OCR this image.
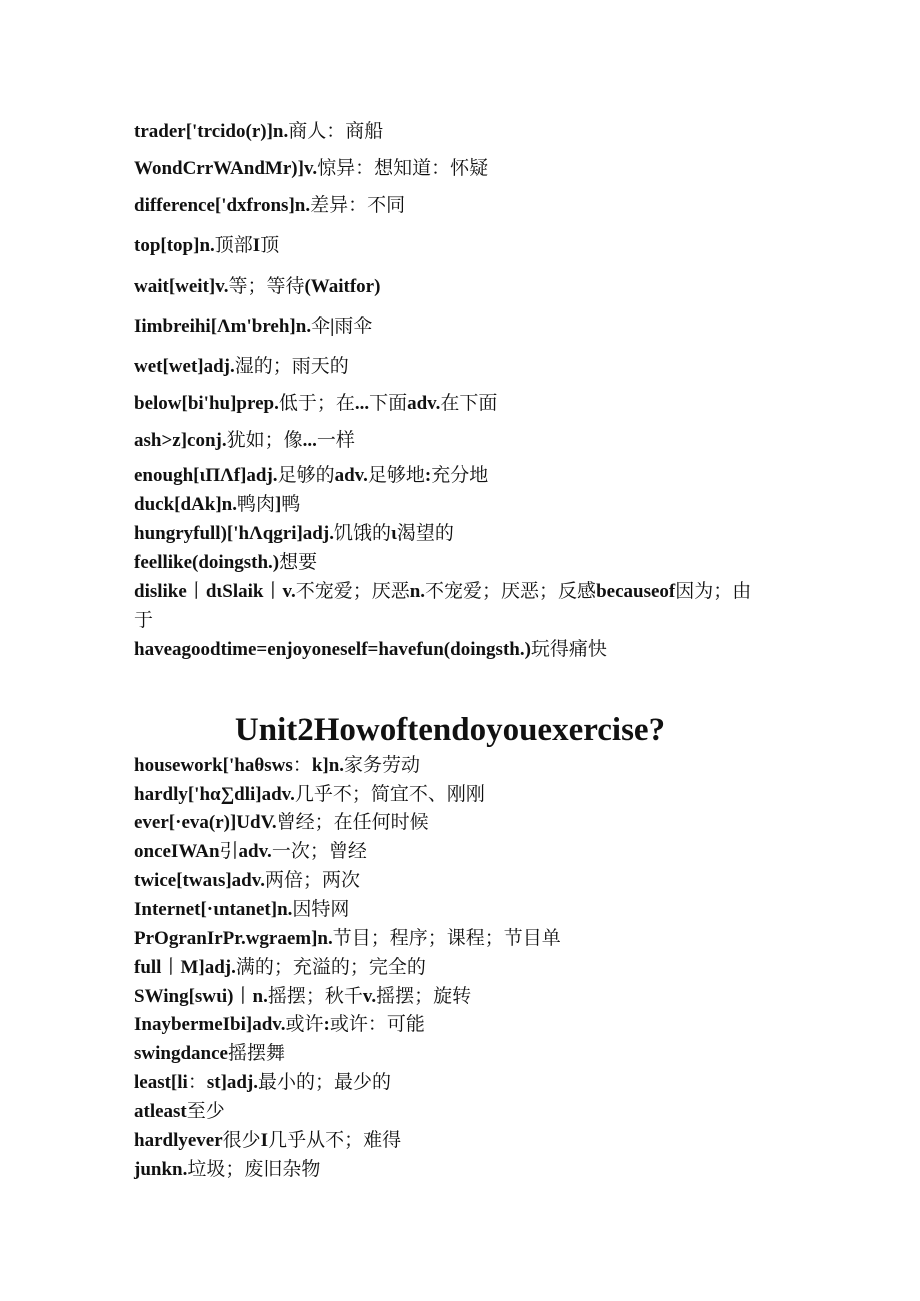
trader['trcido(r)]n.商人：商船
WondCrrWAndMr)]v.惊异：想知道：怀疑
difference['dxfrons]n.差异：不同
top[top]n.顶部I顶
wait[weit]v.等；等待(Waitfor)
Iimbreihi[Λm'breh]n.伞|雨伞
wet[wet]adj.湿的；雨天的
below[bi'hu]prep.低于；在...下面adv.在下面
ash>z]conj.犹如；像...一样
enough[ιΠΛf]adj.足够的adv.足够地:充分地
duck[dAk]n.鸭肉]鸭
hungryfull)['hΛqgri]adj.饥饿的ι渴望的
feellike(doingsth.)想要
dislike丨dιSlaik丨v.不宠爱；厌恶n.不宠爱；厌恶；反感becauseof因为；由于
haveagoodtime=enjoyoneself=havefun(doingsth.)玩得痛快
Unit2Howoftendoyouexercise?
housework['haθsws：k]n.家务劳动
hardly['hα∑dli]adv.几乎不；简宜不、刚刚
ever[·eva(r)]UdV.曾经；在任何时候
onceIWAn引adv.一次；曾经
twice[twaιs]adv.两倍；两次
Internet[·ιntanet]n.因特网
PrOgranIrPr.wgraem]n.节目；程序；课程；节目单
full丨M]adj.满的；充溢的；完全的
SWing[swιi)丨n.摇摆；秋千v.摇摆；旋转
InaybermeIbi]adv.或许:或许：可能
swingdance摇摆舞
least[li：st]adj.最小的；最少的
atleast至少
hardlyever很少I几乎从不；难得
junkn.垃圾；废旧杂物
